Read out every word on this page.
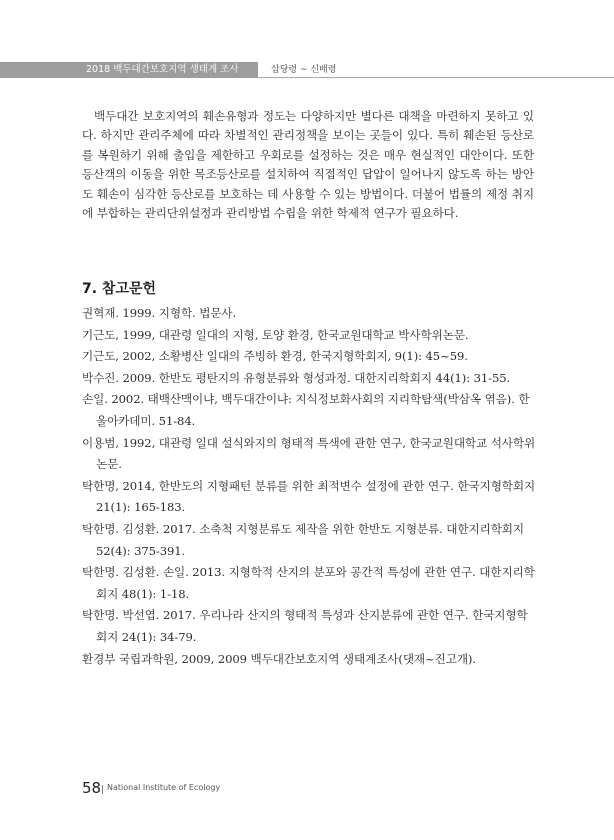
2018 백두대간보호지역 생태계 조사	삽당령 ~ 신배령
백두대간 보호지역의 훼손유형과 정도는 다양하지만 별다른 대책을 마련하지 못하고 있다. 하지만 관리주체에 따라 차별적인 관리정책을 보이는 곳들이 있다. 특히 훼손된 등산로를 복원하기 위해 출입을 제한하고 우회로를 설정하는 것은 매우 현실적인 대안이다. 또한 등산객의 이동을 위한 목조등산로를 설치하여 직접적인 답압이 일어나지 않도록 하는 방안도 훼손이 심각한 등산로를 보호하는 데 사용할 수 있는 방법이다. 더불어 법률의 제정 취지에 부합하는 관리단위설정과 관리방법 수립을 위한 학제적 연구가 필요하다.
7. 참고문헌
권혁재. 1999. 지형학. 법문사.
기근도, 1999, 대관령 일대의 지형, 토양 환경, 한국교원대학교 박사학위논문.
기근도, 2002, 소황병산 일대의 주빙하 환경, 한국지형학회지, 9(1): 45~59.
박수진. 2009. 한반도 평탄지의 유형분류와 형성과정. 대한지리학회지 44(1): 31-55.
손일. 2002. 태백산맥이냐, 백두대간이냐: 지식정보화사회의 지리학탐색(박삼옥 엮음). 한울아카데미. 51-84.
이용범, 1992, 대관령 일대 설식와지의 형태적 특색에 관한 연구, 한국교원대학교 석사학위논문.
탁한명, 2014, 한반도의 지형패턴 분류를 위한 최적변수 설정에 관한 연구. 한국지형학회지 21(1): 165-183.
탁한명. 김성환. 2017. 소축척 지형분류도 제작을 위한 한반도 지형분류. 대한지리학회지 52(4): 375-391.
탁한명. 김성환. 손일. 2013. 지형학적 산지의 분포와 공간적 특성에 관한 연구. 대한지리학회지 48(1): 1-18.
탁한명. 박선엽. 2017. 우리나라 산지의 형태적 특성과 산지분류에 관한 연구. 한국지형학회지 24(1): 34-79.
환경부 국립과학원, 2009, 2009 백두대간보호지역 생태계조사(댓재~진고개).
58 National Institute of Ecology
